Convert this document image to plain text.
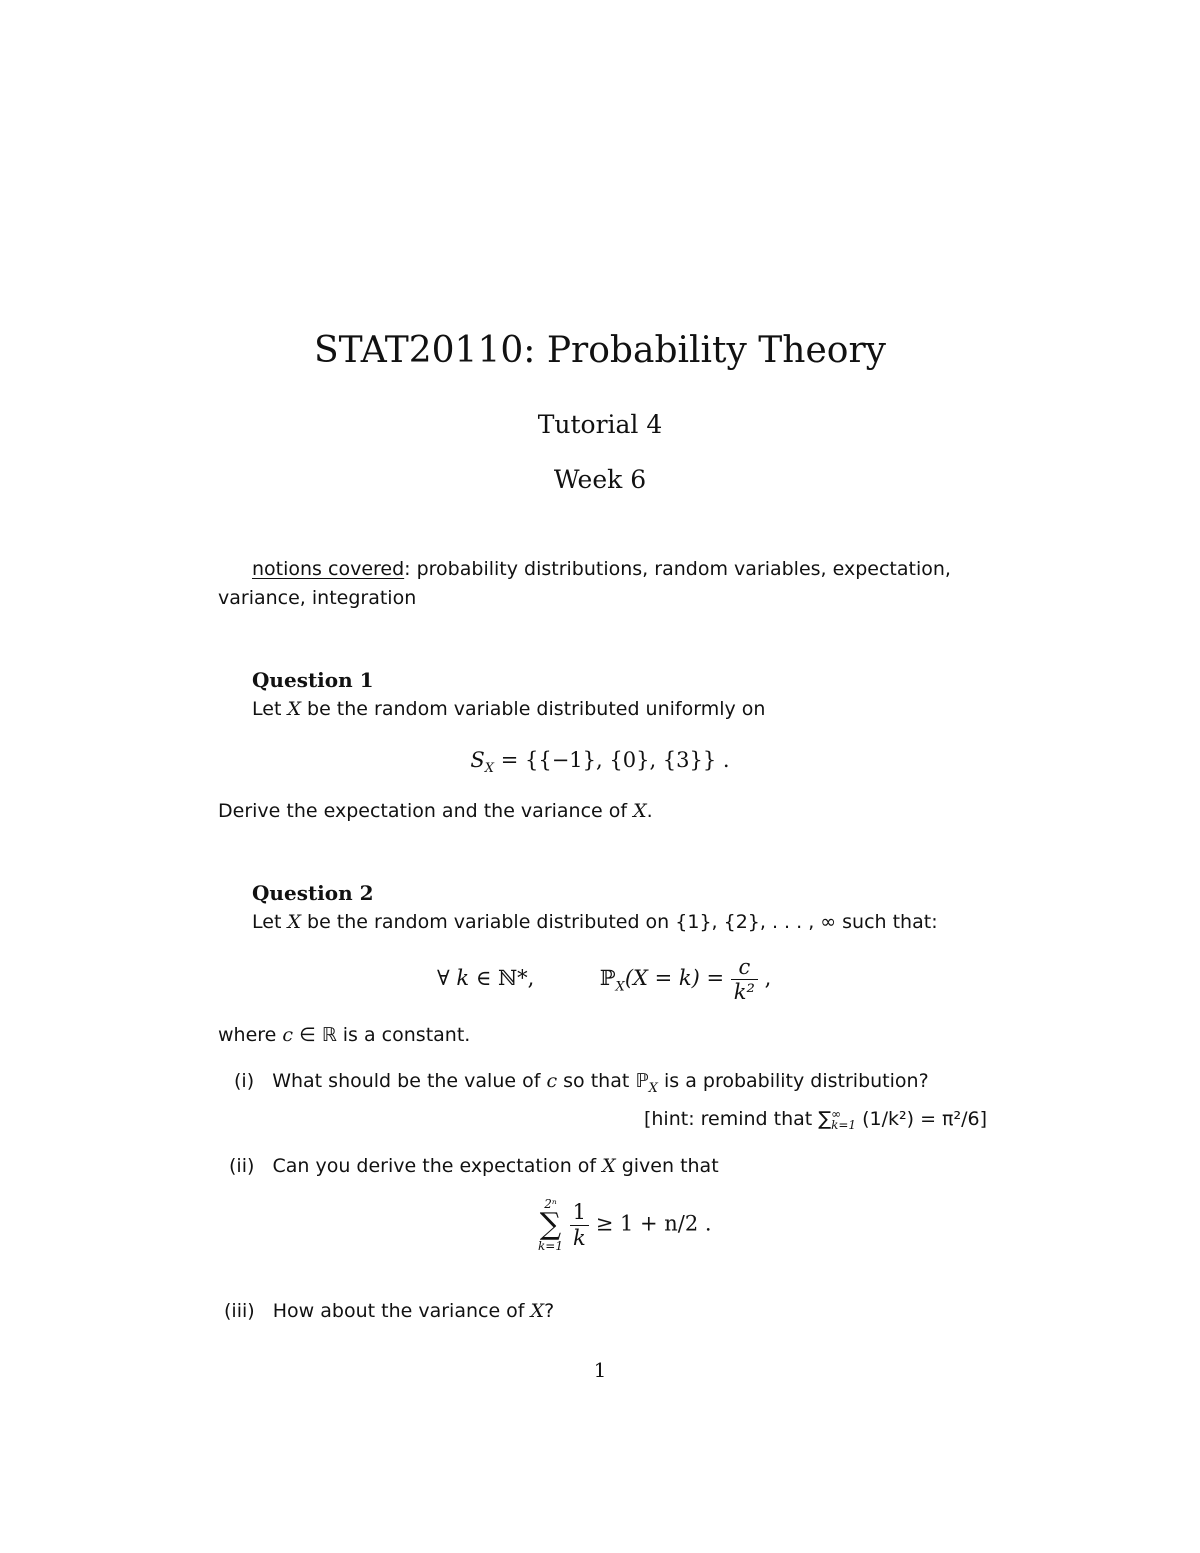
STAT20110: Probability Theory
Tutorial 4
Week 6
notions covered: probability distributions, random variables, expectation,
variance, integration
Question 1
Let X be the random variable distributed uniformly on
$S_X = \{\{-1\}$, {0}, {3}} .
Derive the expectation and the variance of X.
Question 2
Let X be the random variable distributed on {1}, {2}, . . . , ∞ such that:
∀ k ∈ ℕ*,	ℙ$_X$(X = $k) = \frac{c}{\text{k²}}$ ,
where c ∈ ℝ is a constant.
(i) What should be the value of c so that ℙ$_X$ is a probability distribution?
[hint: remind that ∑ ∞
k=1 (1/k²) = π²/6]
(ii) Can you derive the expectation of X given that
2ⁿ
∑
k=1
$\frac{1}{k} \ge 1 + n/2$ .
(iii) How about the variance of X?
1
